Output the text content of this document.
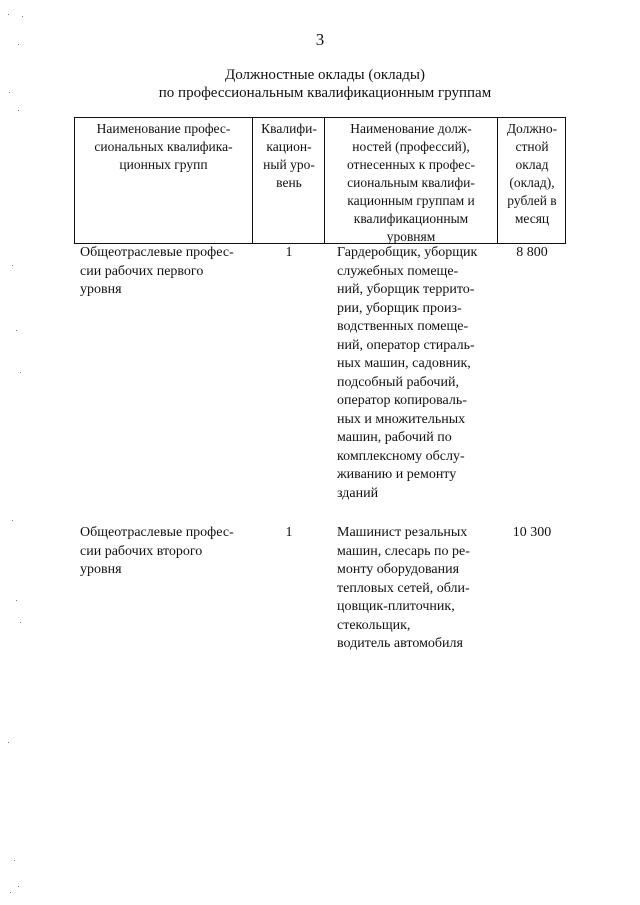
3
Должностные оклады (оклады)
по профессиональным квалификационным группам
Наименование профес-
сиональных квалифика-
ционных групп
Квалифи-
кацион-
ный уро-
вень
Наименование долж-
ностей (профессий),
отнесенных к профес-
сиональным квалифи-
кационным группам и
квалификационным
уровням
Должно-
стной
оклад
(оклад),
рублей в
месяц
Общеотраслевые профес-
сии рабочих первого
уровня
1	Гардеробщик, уборщик
служебных помеще-
ний, уборщик террито-
рии, уборщик произ-
водственных помеще-
ний, оператор стираль-
ных машин, садовник,
подсобный рабочий,
оператор копироваль-
ных и множительных
машин, рабочий по
комплексному обслу-
живанию и ремонту
зданий
8 800
Общеотраслевые профес-
сии рабочих второго
уровня
1	Машинист резальных
машин, слесарь по ре-
монту оборудования
тепловых сетей, обли-
цовщик-плиточник,
стекольщик,
водитель автомобиля
10 300
